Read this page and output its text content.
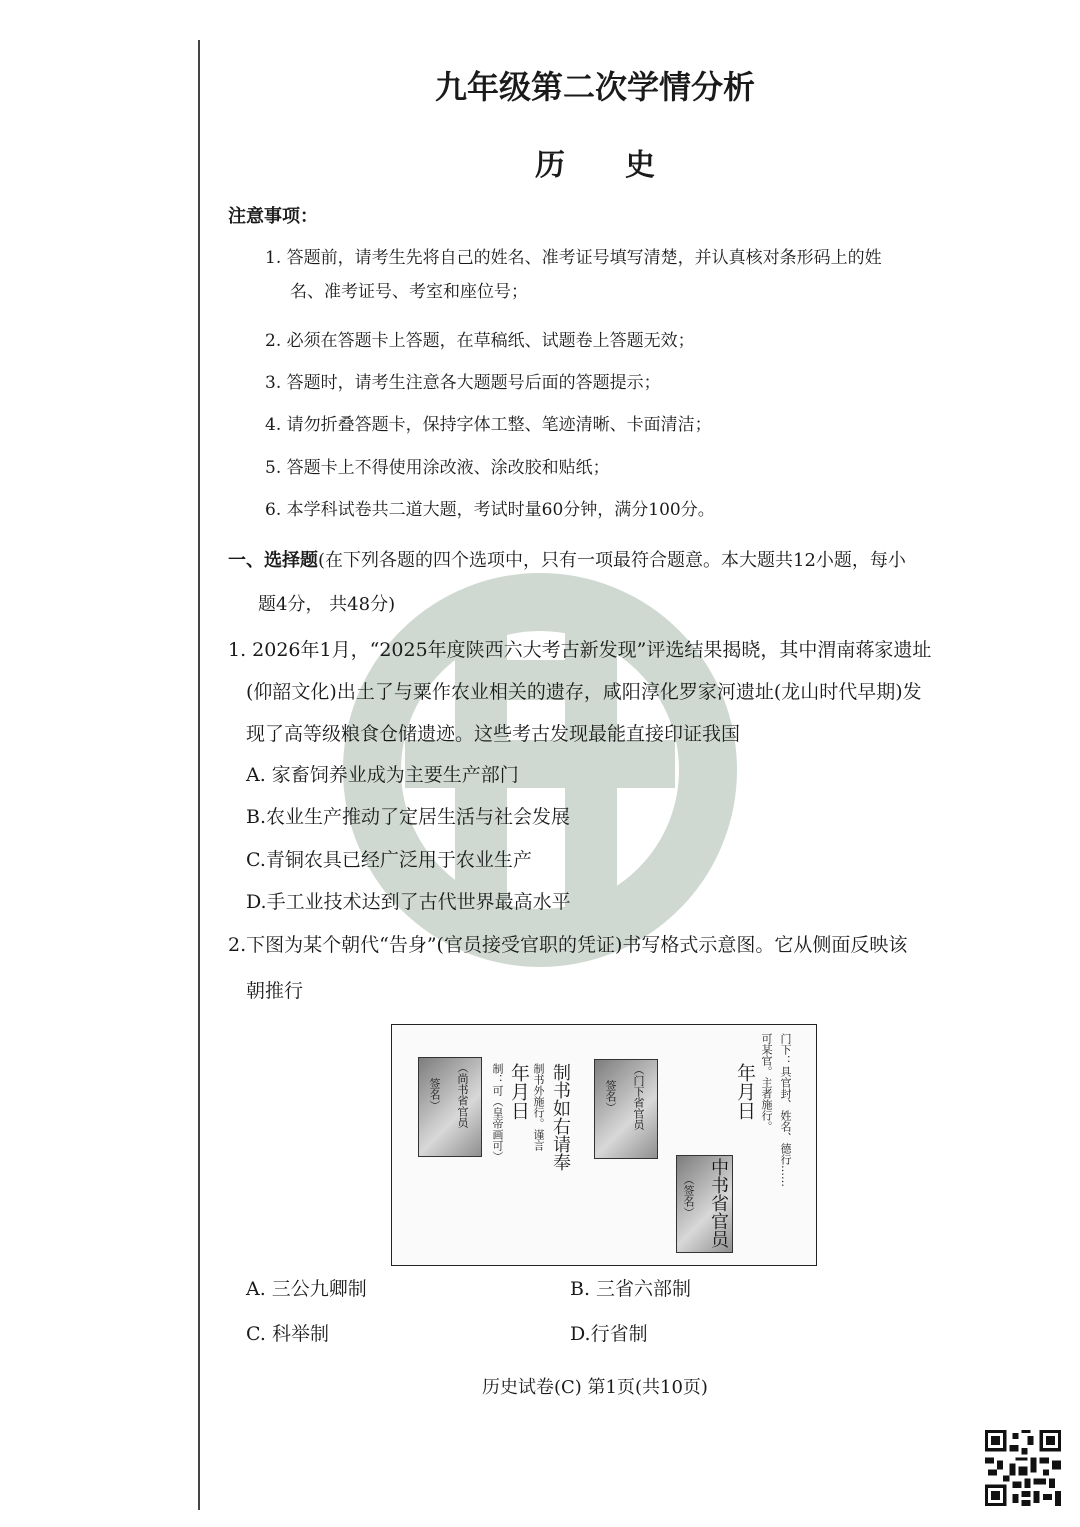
九年级第二次学情分析
历史
注意事项：
1. 答题前，请考生先将自己的姓名、准考证号填写清楚，并认真核对条形码上的姓
名、准考证号、考室和座位号；
2. 必须在答题卡上答题，在草稿纸、试题卷上答题无效；
3. 答题时，请考生注意各大题题号后面的答题提示；
4. 请勿折叠答题卡，保持字体工整、笔迹清晰、卡面清洁；
5. 答题卡上不得使用涂改液、涂改胶和贴纸；
6. 本学科试卷共二道大题，考试时量60分钟，满分100分。
一、选择题(在下列各题的四个选项中，只有一项最符合题意。本大题共12小题，每小
题4分， 共48分)
1. 2026年1月，“2025年度陕西六大考古新发现”评选结果揭晓，其中渭南蒋家遗址
(仰韶文化)出土了与粟作农业相关的遗存，咸阳淳化罗家河遗址(龙山时代早期)发
现了高等级粮食仓储遗迹。这些考古发现最能直接印证我国
A. 家畜饲养业成为主要生产部门
B.农业生产推动了定居生活与社会发展
C.青铜农具已经广泛用于农业生产
D.手工业技术达到了古代世界最高水平
2.下图为某个朝代“告身”(官员接受官职的凭证)书写格式示意图。它从侧面反映该
朝推行
门下：具官封、姓名、德行……
可某官。主者施行。
年月日
中书省官员
（签名）
（门下省官员
签名）
制书如右请奉
制书外施行。谨言
年月日
制：可（皇帝画可）
（尚书省官员
签名）
A. 三公九卿制	B. 三省六部制
C. 科举制	D.行省制
历史试卷(C) 第1页(共10页)
